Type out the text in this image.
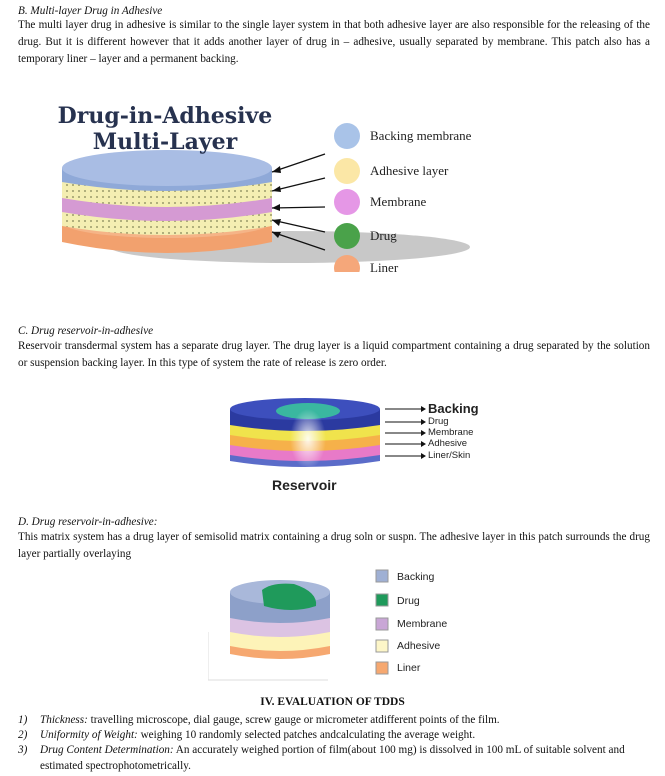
B. Multi-layer Drug in Adhesive
The multi layer drug in adhesive is similar to the single layer system in that both adhesive layer are also responsible for the releasing of the drug. But it is different however that it adds another layer of drug in – adhesive, usually separated by membrane. This patch also has a temporary liner – layer and a permanent backing.
Drug-in-Adhesive
Multi-Layer	Backing membrane
Adhesive layer
Membrane
Drug
Liner
C. Drug reservoir-in-adhesive
Reservoir transdermal system has a separate drug layer. The drug layer is a liquid compartment containing a drug separated by the solution or suspension backing layer. In this type of system the rate of release is zero order.
Backing
Drug
Membrane
Adhesive
Liner/Skin
Reservoir
D. Drug reservoir-in-adhesive:
This matrix system has a drug layer of semisolid matrix containing a drug soln or suspn. The adhesive layer in this patch surrounds the drug layer partially overlaying
Backing
Drug
Membrane
Adhesive
Liner
IV. EVALUATION OF TDDS
1) Thickness: travelling microscope, dial gauge, screw gauge or micrometer atdifferent points of the film.
2) Uniformity of Weight: weighing 10 randomly selected patches andcalculating the average weight.
3) Drug Content Determination: An accurately weighed portion of film(about 100 mg) is dissolved in 100 mL of suitable solvent and estimated spectrophotometrically.
